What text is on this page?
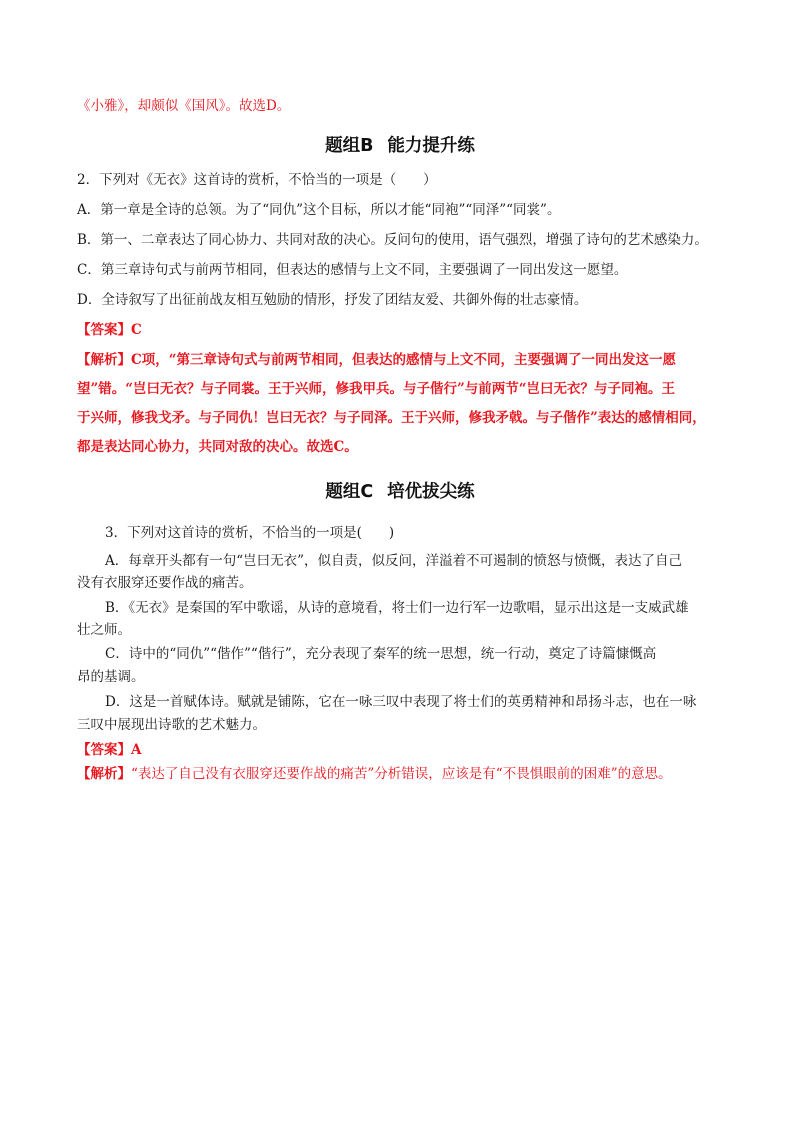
《小雅》，却颇似《国风》。故选D。
题组B 能力提升练
2．下列对《无衣》这首诗的赏析，不恰当的一项是（　　）
A．第一章是全诗的总领。为了“同仇”这个目标，所以才能“同袍”“同泽”“同裳”。
B．第一、二章表达了同心协力、共同对敌的决心。反问句的使用，语气强烈，增强了诗句的艺术感染力。
C．第三章诗句式与前两节相同，但表达的感情与上文不同，主要强调了一同出发这一愿望。
D．全诗叙写了出征前战友相互勉励的情形，抒发了团结友爱、共御外侮的壮志豪情。
【答案】C
【解析】C项，“第三章诗句式与前两节相同，但表达的感情与上文不同，主要强调了一同出发这一愿
望”错。“岂曰无衣？与子同裳。王于兴师，修我甲兵。与子偕行”与前两节“岂曰无衣？与子同袍。王
于兴师，修我戈矛。与子同仇！岂曰无衣？与子同泽。王于兴师，修我矛戟。与子偕作”表达的感情相同，
都是表达同心协力，共同对敌的决心。故选C。
题组C 培优拔尖练
3．下列对这首诗的赏析，不恰当的一项是(　　)
A．每章开头都有一句“岂曰无衣”，似自责，似反问，洋溢着不可遏制的愤怒与愤慨，表达了自己
没有衣服穿还要作战的痛苦。
B．《无衣》是秦国的军中歌谣，从诗的意境看，将士们一边行军一边歌唱，显示出这是一支威武雄
壮之师。
C．诗中的“同仇”“偕作”“偕行”，充分表现了秦军的统一思想，统一行动，奠定了诗篇慷慨高
昂的基调。
D．这是一首赋体诗。赋就是铺陈，它在一咏三叹中表现了将士们的英勇精神和昂扬斗志，也在一咏
三叹中展现出诗歌的艺术魅力。
【答案】A
【解析】“表达了自己没有衣服穿还要作战的痛苦”分析错误，应该是有“不畏惧眼前的困难”的意思。
